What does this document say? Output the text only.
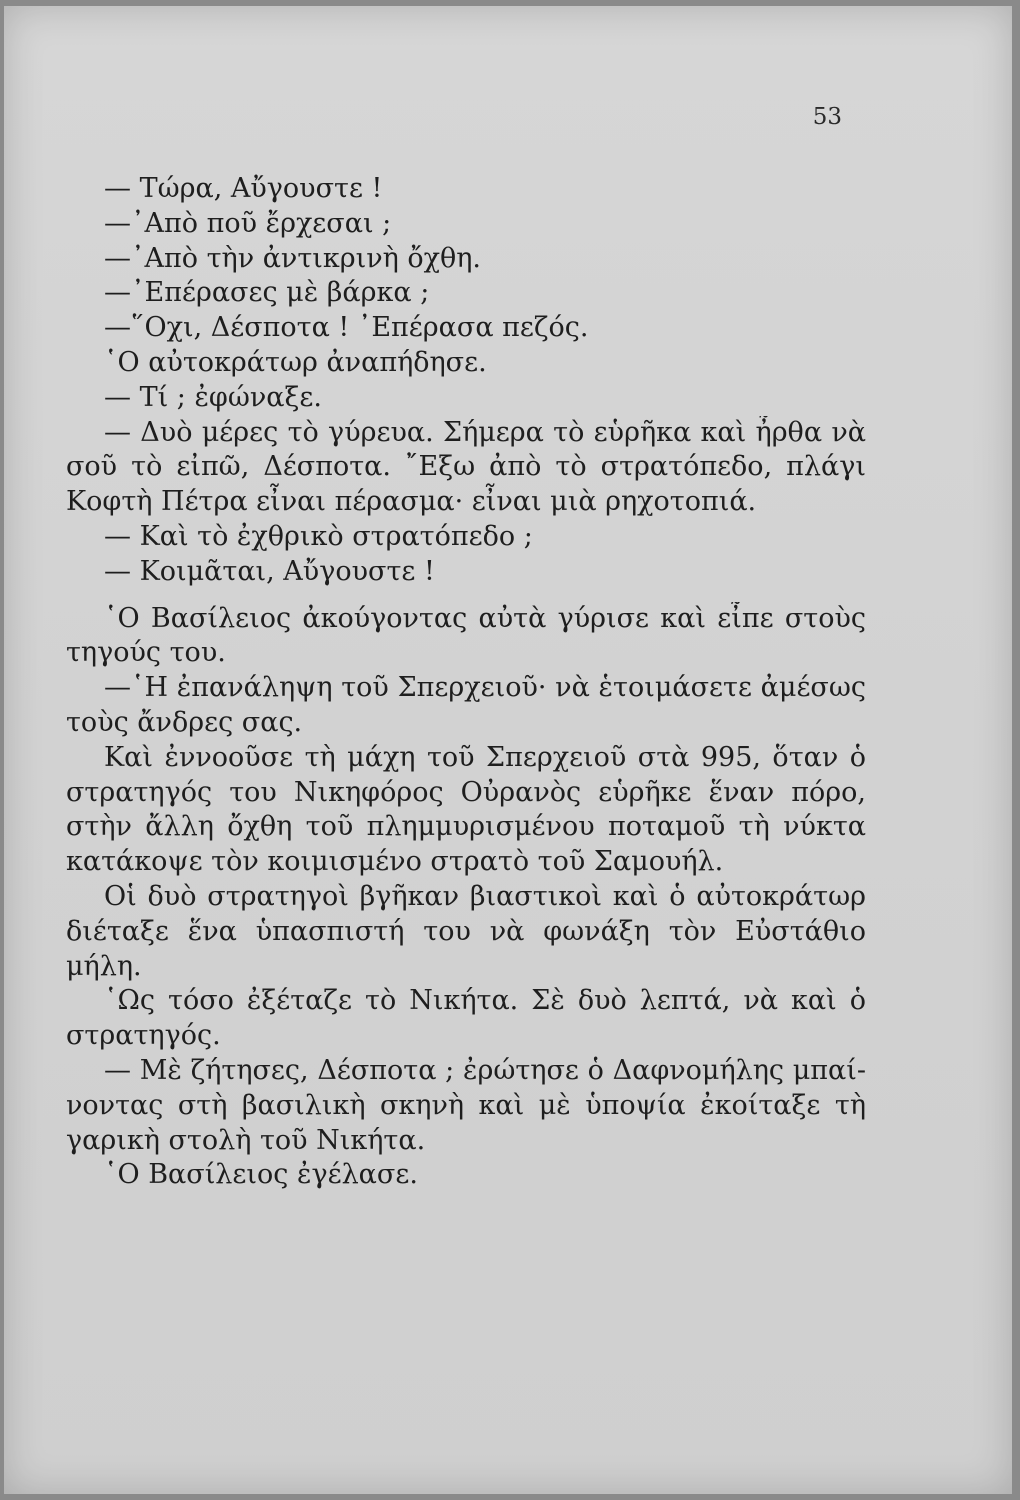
53
— Τώρα, Αὔγουστε !
—᾿Απὸ ποῦ ἔρχεσαι ;
—᾿Απὸ τὴν ἀντικρινὴ ὄχθη.
—᾿Επέρασες μὲ βάρκα ;
—῞Οχι, Δέσποτα ! ᾿Επέρασα πεζός.
῾Ο αὐτοκράτωρ ἀναπήδησε.
— Τί ; ἐφώναξε.
— Δυὸ μέρες τὸ γύρευα. Σήμερα τὸ εὑρῆκα καὶ ἦρθα νὰ
σοῦ τὸ εἰπῶ, Δέσποτα. ῎Εξω ἀπὸ τὸ στρατόπεδο, πλάγι
Κοφτὴ Πέτρα εἶναι πέρασμα· εἶναι μιὰ ρηχοτοπιά.
— Καὶ τὸ ἐχθρικὸ στρατόπεδο ;
— Κοιμᾶται, Αὔγουστε !
῾Ο Βασίλειος ἀκούγοντας αὐτὰ γύρισε καὶ εἶπε στοὺς
τηγούς του.
—῾Η ἐπανάληψη τοῦ Σπερχειοῦ· νὰ ἑτοιμάσετε ἀμέσως
τοὺς ἄνδρες σας.
Καὶ ἐννοοῦσε τὴ μάχη τοῦ Σπερχειοῦ στὰ 995, ὅταν ὁ
στρατηγός του Νικηφόρος Οὐρανὸς εὑρῆκε ἕναν πόρο,
στὴν ἄλλη ὄχθη τοῦ πλημμυρισμένου ποταμοῦ τὴ νύκτα
κατάκοψε τὸν κοιμισμένο στρατὸ τοῦ Σαμουήλ.
Οἱ δυὸ στρατηγοὶ βγῆκαν βιαστικοὶ καὶ ὁ αὐτοκράτωρ
διέταξε ἕνα ὑπασπιστή του νὰ φωνάξη τὸν Εὐστάθιο
μήλη.
῾Ως τόσο ἐξέταζε τὸ Νικήτα. Σὲ δυὸ λεπτά, νὰ καὶ ὁ
στρατηγός.
— Μὲ ζήτησες, Δέσποτα ; ἐρώτησε ὁ Δαφνομήλης μπαί-
νοντας στὴ βασιλικὴ σκηνὴ καὶ μὲ ὑποψία ἐκοίταξε τὴ
γαρικὴ στολὴ τοῦ Νικήτα.
῾Ο Βασίλειος ἐγέλασε.
